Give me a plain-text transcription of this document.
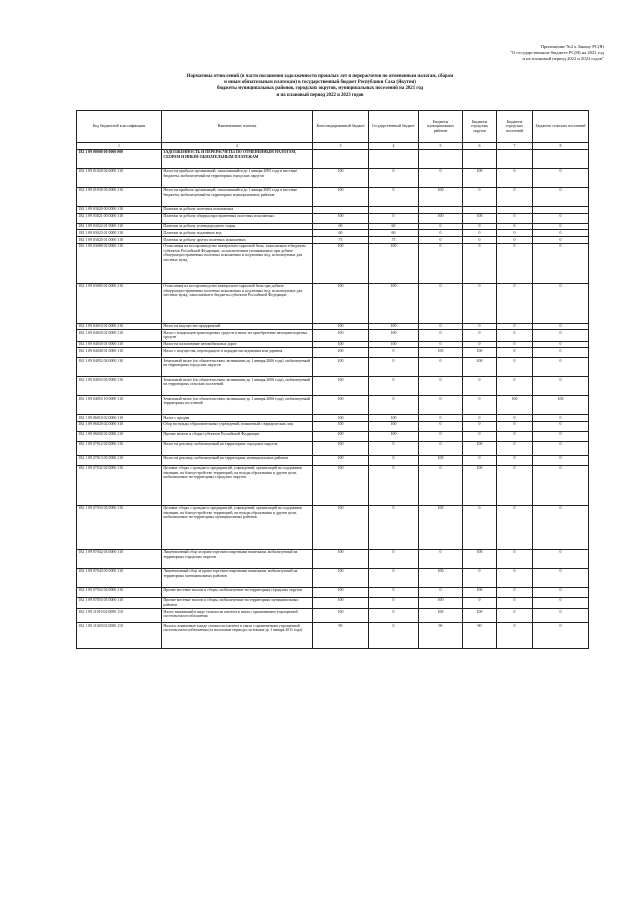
Приложение №2 к Закону РС(Я)
"О государственном бюджете РС(Я) на 2021 год
и на плановый период 2022 и 2023 годов"
Нормативы отчислений (в части погашения задолженности прошлых лет и перерасчетов по отмененным налогам, сборам
и иным обязательным платежам) в государственный бюджет Республики Саха (Якутия)
бюджеты муниципальных районов, городских округов, муниципальных поселений на 2021 год
и на плановый период 2022 и 2023 годов
Код бюджетной классификации	Наименование платежа	Консолидированный бюджет	Государственный бюджет	Бюджеты муниципальных районов	Бюджеты городских округов	Бюджеты городских поселений	Бюджеты сельских поселений
1	2	3	4	5	6	7	8
182 1 09 00000 00 0000 000	ЗАДОЛЖЕННОСТЬ И ПЕРЕРАСЧЕТЫ ПО ОТМЕНЕННЫМ НАЛОГАМ, СБОРАМ И ИНЫМ ОБЯЗАТЕЛЬНЫМ ПЛАТЕЖАМ						
182 1 09 01020 04 0000 110	Налог на прибыль организаций, зачислявшийся до 1 января 2005 года в местные бюджеты, мобилизуемый на территориях городских округов	100	0	0	100	0	0
182 1 09 01030 05 0000 110	Налог на прибыль организаций, зачислявшийся до 1 января 2005 года в местные бюджеты, мобилизуемый на территориях муниципальных районов	100	0	100	0	0	0
182 1 09 03020 00 0000 110	Платежи за добычу полезных ископаемых						
182 1 09 03021 00 0000 110	Платежи за добычу общераспространенных полезных ископаемых	100	0	100	100	0	0
182 1 09 03022 01 0000 110	Платежи за добычу углеводородного сырья	60	60	0	0	0	0
182 1 09 03023 01 0000 110	Платежи за добычу подземных вод	60	60	0	0	0	0
182 1 09 03025 01 0000 110	Платежи за добычу других полезных ископаемых	75	75	0	0	0	0
182 1 09 03080 02 0000 110	Отчисления на воспроизводство минерально-сырьевой базы, зачисляемые в бюджеты субъектов Российской Федерации, за исключением уплачиваемых при добыче общераспространенных полезных ископаемых и подземных вод, используемых для местных нужд	100	100	0	0	0	0
182 1 09 03083 02 0000 110	Отчисления на воспроизводство минерально-сырьевой базы при добыче общераспространенных полезных ископаемых и подземных вод, используемых для местных нужд, зачисляемые в бюджеты субъектов Российской Федерации	100	100	0	0	0	0
182 1 09 04010 02 0000 110	Налог на имущество предприятий	100	100	0	0	0	0
182 1 09 04020 02 0000 110	Налог с владельцев транспортных средств и налог на приобретение автотранспортных средств	100	100	0	0	0	0
182 1 09 04030 01 0000 110	Налог на пользование автомобильных дорог	100	100	0	0	0	0
182 1 09 04040 01 0000 110	Налог с имущества, переходящего в порядке наследования или дарения	100	0	100	100	0	0
182 1 09 04052 04 0000 110	Земельный налог (по обязательствам, возникшим до 1 января 2006 года), мобилизуемый на территориях городских округов	100	0	0	100	0	0
182 1 09 04053 05 0000 110	Земельный налог (по обязательствам, возникшим до 1 января 2006 года), мобилизуемый на территориях сельских поселений	100	0	0	0	0	0
182 1 09 04053 10 0000 110	Земельный налог (по обязательствам, возникшим до 1 января 2006 года), мобилизуемый территориях поселений	100	0	0	0	100	100
182 1 09 06010 02 0000 110	Налог с продаж	100	100	0	0	0	0
182 1 09 06020 02 0000 110	Сбор на нужды образовательных учреждений, взимаемый с юридических лиц	100	100	0	0	0	0
182 1 09 06030 02 0000 110	Прочие налоги и сборы субъектов Российской Федерации	100	100	0	0	0	0
182 1 09 07012 04 0000 110	Налог на рекламу, мобилизуемый на территориях городских округов	100	0	0	100	0	0
182 1 09 07013 05 0000 110	Налог на рекламу, мобилизуемый на территориях муниципальных районов	100	0	100	0	0	0
182 1 09 07032 04 0000 110	Целевые сборы с граждан и предприятий, учреждений, организаций на содержание милиции, на благоустройство территорий, на нужды образования и другие цели, мобилизуемые на территориях городских округов	100	0	0	100	0	0
182 1 09 07033 05 0000 110	Целевые сборы с граждан и предприятий, учреждений, организаций на содержание милиции, на благоустройство территорий, на нужды образования и другие цели, мобилизуемые на территориях муниципальных районов	100	0	100	0	0	0
182 1 09 07042 04 0000 110	Лицензионный сбор за право торговли спиртными напитками, мобилизуемый на территориях городских округов	100	0	0	100	0	0
182 1 09 07043 05 0000 110	Лицензионный сбор за право торговли спиртными напитками, мобилизуемый на территориях муниципальных районов	100	0	100	0	0	0
182 1 09 07052 04 0000 110	Прочие местные налоги и сборы, мобилизуемые на территориях городских округов	100	0	0	100	0	0
182 1 09 07053 05 0000 110	Прочие местные налоги и сборы, мобилизуемые на территориях муниципальных районов	100	0	100	0	0	0
182 1 09 11010 02 0000 110	Налог, взимаемый в виде стоимости патента в связи с применением упрощенной системы налогообложения	100	0	100	100	0	0
182 1 09 11020 02 0000 110	Налоги, взимаемые в виде стоимости патента в связи с применением упрощенной системы налогообложения (за налоговые периоды, истекшие до 1 января 2011 года)	90	0	90	90	0	0
